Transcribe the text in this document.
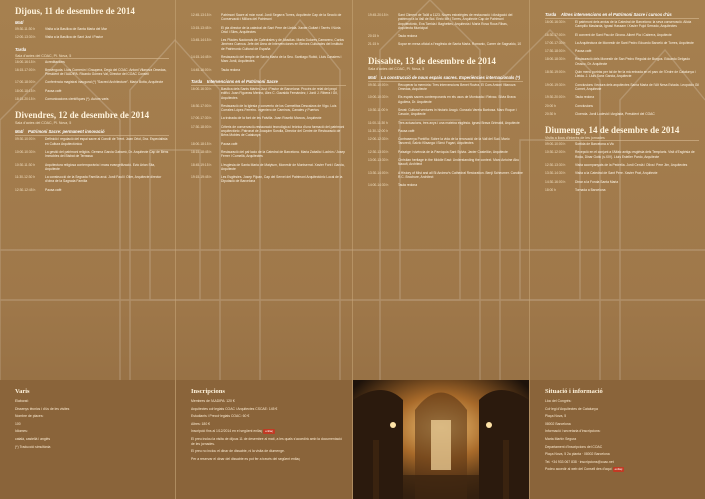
Dijous, 11 de desembre de 2014
Matí
09:30-11:30 h	Visita a la Basílica de Santa Maria del Mar
12:00-13:30 h	Visita a la Basílica de Sant Just i Pastor
Tarda
Sala d'actes del COAC, Pl. Nova, 5
16:00-16:15 h	Acreditacions
16:15-17:00 h	Benvinguda. Lluís Comerón i Graupera, Degà del COAC. Antoni Vilanova Omedas, President de l'AADIPA. Ricardo Gómez Val, Director del COAC Consell
17:00-18:00 h	Conferència magistral inaugural (*) "Sacred Architecture". Mario Botta, Arquitecte
18:00-18:15 h	Pausa cafè
18:15-20:15 h	Comunicacions científiques (*). Autors varis
Divendres, 12 de desembre de 2014
Sala d'actes del COAC, Pl. Nova, 5
Matí Patrimoni Sacre: permanent innovació
09:30-10:00 h	Definició i regulació del espai sacre al Concili de Trent. Joan Oriol, Dra. Especialista en Cultura Arquitectònica
10:00-10:30 h	La gestió del patrimoni religiós. Gemma Garcia Gabarró, Dr. Arquitecte Cap de Béns Immobles del Bisbat de Terrassa
10:30-11:30 h	Arquitectura religiosa contemporània i mass evangelització. Ezio Arian Sita, Arquitecte
11:30-12:30 h	La construcció de la Segrada Família avui. Jordi Faulí i Oller, Arquitecte director d'obra de la Sagrada Família
12:30-12:45 h	Pausa cafè
12:45-13:15 h	Patrimoni Sacre al món rural. Jordi Segarra Torres, Arquitecte Cap de la Secció de Conservació i Millora del Patrimoni
13:15-13:45 h	El pla director de la catedral de Sant Pere de Lleida. Xavier Guitart i Tarrés i Núria Oriol i Siles, Arquitectes
13:45-14:15 h	Les Plàcies Nacionals de Catedrales y de Abadías. Maria Dolores Camarero, Carlos Jiménez Cuenca. Jefe del Área de Intervenciones en Bienes Culturales del Instituto de Patrimonio Cultural de España
14:15-14:45 h	Restauració del temple de Santa Maria de la Seu. Santiago Rubió, Lluís Cassiers i Marc Jordi, Arquitectes
14:45-16:00 h	Taula redona
Tarda Intervencions en el Patrimoni Sacre
16:00-16:30 h	Basílica dels Sants Màrtirs Just i Pastor de Barcelona: Procés de relat del propi edifici. Joan Figueras Merino, Àlex C. Gavaldà Fernández, i Jordi J. Ribera i Gil, Arquitectes
16:30-17:00 h	Restauració de la Iglesia y convento de los Carmelitas Descalzos de Vigo. Luis Corrales López-Ferreiro. Ingeniero de Caminos, Canales y Puertos
17:00-17:30 h	La trobada de la font de les Fatvilla. Joan Roselló Marcos, Arquitecte
17:30-18:00 h	Criteris de conservació-restauració tecnològica i teòrica d'una formació del patrimoni arquitectònic. Patronat de Joaquim Sorolla, Director del Centre de Restauració de Béns Mobles de Catalunya
18:00-18:15 h	Pausa cafè
18:15-18:45 h	Restauració del pal·lacio de la Catedral de Barcelona. Maria Zaballa i Ladròn / Josep Ferrer i Comellà, Arquitectes
18:45-19:15 h	L'esglesia de Santa Maria de Matytum, Monestir de Montserrat. Xavier Font i Garcia, Arquitecte
19:15-19:45 h	Les Esglésies. Josep Pijoan, Cap del Servei del Patrimoni Arquitectònic Local de la Diputació de Barcelona
19:45-20:15 h	Sant Climent de Taüll a 1123. Noves estratègies de restauració i divulgació del patrimoni a la Vall de Boí. Enric Mir i Torres, Arquitecte Cap de Patrimoni Arquitectònic, Eva Tarrida i Baghettes, Arquitecta i Maria Rosa Roca Ribas, Arquitecta Municipal
20:15 h	Taula redona
21:15 h	Sopar en mesa oficial a l'església de Santa Maria. Romanic, Carrer de Sagnaldo, 10
Dissabte, 13 de desembre de 2014
Sala d'actes del COAC, Pl. Nova, 5
Matí La construcció de nous espais sacres. Experiències internacionals (*)
09:30-10:00 h	Recuperar la memòria: Tres intervencions Benet Rovira. El Cors Antoni Vilanova Omedas, Arquitecte
10:00-10:30 h	Els espais sacres contemporanis en els usos de Montcada i Reixac. Silvia Brava Aguilera, Dr. Arquitecte
10:30-11:00 h	Sevat: Cultural ventures in historic Aragó. Gonzalo Varela Barbosa. Marc Roque i Cascón, Arquitecte
11:00-11:30 h	Tres actuacions, tres anys i una mateixa església. Ignasi Brava Grimaldi, Arquitecte
11:30-12:00 h	Pausa cafè
12:00-12:30 h	Contrasenya Pontífia: Sobre la vida de la renovació de la Vall del Sud. Mario Tancredi, Salvio Klisanga i Simó Fogarí, Arquitectes
12:30-13:00 h	Paisatge i vivència de la Parròquia Sant Sylvia. Javier Castellón, Arquitecte
13:00-13:30 h	Christian heritage in the Middle East: Understanding the context. Marc Antoine Abu Naoufi, Architect
13:30-14:00 h	A History of Mist and all St Andrew's Cathedral Restoration. Benji Scheurner. Caroline R.C. Brochure, Architect
14:00-14:30 h	Taula redona
Tarda Altres intervencions en el Patrimoni Sacre i cursos d'ús
16:00-16:30 h	El patrimoni dels arxius de la Catedral de Barcelona: la seva conservació. Alicia Campillo Maslarda, Ignasi Hassam i Xavier Pujol Serrado, Arquitectes
16:30-17:00 h	El convent de Sant Pau de Girona. Albert Pla i Cabrera, Arquitecte
17:00-17:30 h	La Arquitectura de Monestir de Sant Pedro Eduardo Barceló de Torres, Arquitecte
17:30-18:00 h	Pausa cafè
18:00-18:30 h	Restauració dels Monestir de San Pedro Regulat de Burgos. Eduardo Delgado Orusco, Dr. Arquitecte
18:30-19:00 h	Quin menú portràs per tal de fer la mà entrada en el parc de l'Ordre de Catalunya i Lleida. J. Lluis Sanz Garcia, Arquitecte
19:00-19:30 h	Conclusions i lectura dels arquitectes Santa Maria de l'Alt Nesa Estada. Leopoldo Gil Cornet, Arquitecte
19:30-20:00 h	Taula redona
20:00 h	Conclusions
20:30 h	Cloenda. Jordi Ludevid i Anglada, President del COAC
Diumenge, 14 de desembre de 2014
Visita a llocs d'interès de les jornades
09:00-10:00 h	Sortida de Barcelona a Vic
10:30-12:00 h	Recepció en el conjunt a l'Alfaic antigu església dels Templaris. Visit d'Església de Roda, Dinar Gotic (s.XIV). Lluís Esteller Pardo, Arquitecte
12:30-13:30 h	Visita acompanyats de la Pedrelia. Jordi Cerdà i Oliva i Pere Jim, Arquitectes
13:30-14:30 h	Visita a la Catedral de Sant Pere. Xavier Prat, Arquitecte
14:30-16:00 h	Dinar a la Fonda Santa Maria
18:00 h	Tornada a Barcelona
Varis

Elaborat:

Dissenys tècnics i d'ús de les visites

Nombre de places:

100

Idiomes:

català, castellà i anglès

(*) Traducció simultània

Inscripcions

Membres de l'AADIPA: 120 €

Arquitectes col·legiats COAC i Arquitectes CSCAE: 145 €

Estudiants i Precol·legiats COAC: 60 €

Altres: 180 €

Inscripció fins al 1/12/2014 en el següent enllaç enllaç

El preu inclou la visita de dijous 11 de desembre al matí, a les quals s'accedirà amb la documentació de les jornades.

El preu no inclou el dinar de dissabte, ni la visita de diumenge.

Per a reservar el dinar del dissabte es pot fer a través del següent enllaç

Situació i informació

Lloc del Congrés:

Col·legi d'Arquitectes de Catalunya

Plaça Nova, 5

08002 Barcelona

Informació i secretaria d'inscripcions:

Marta Martín Segura

Departament d'Inscripcions del COAC

Plaça Nova, 5 2a planta · 08002 Barcelona

Tel. +34 933 067 838 · inscripcions@coac.net

Podeu accedir al web del Consell des d'aquí enllaç
